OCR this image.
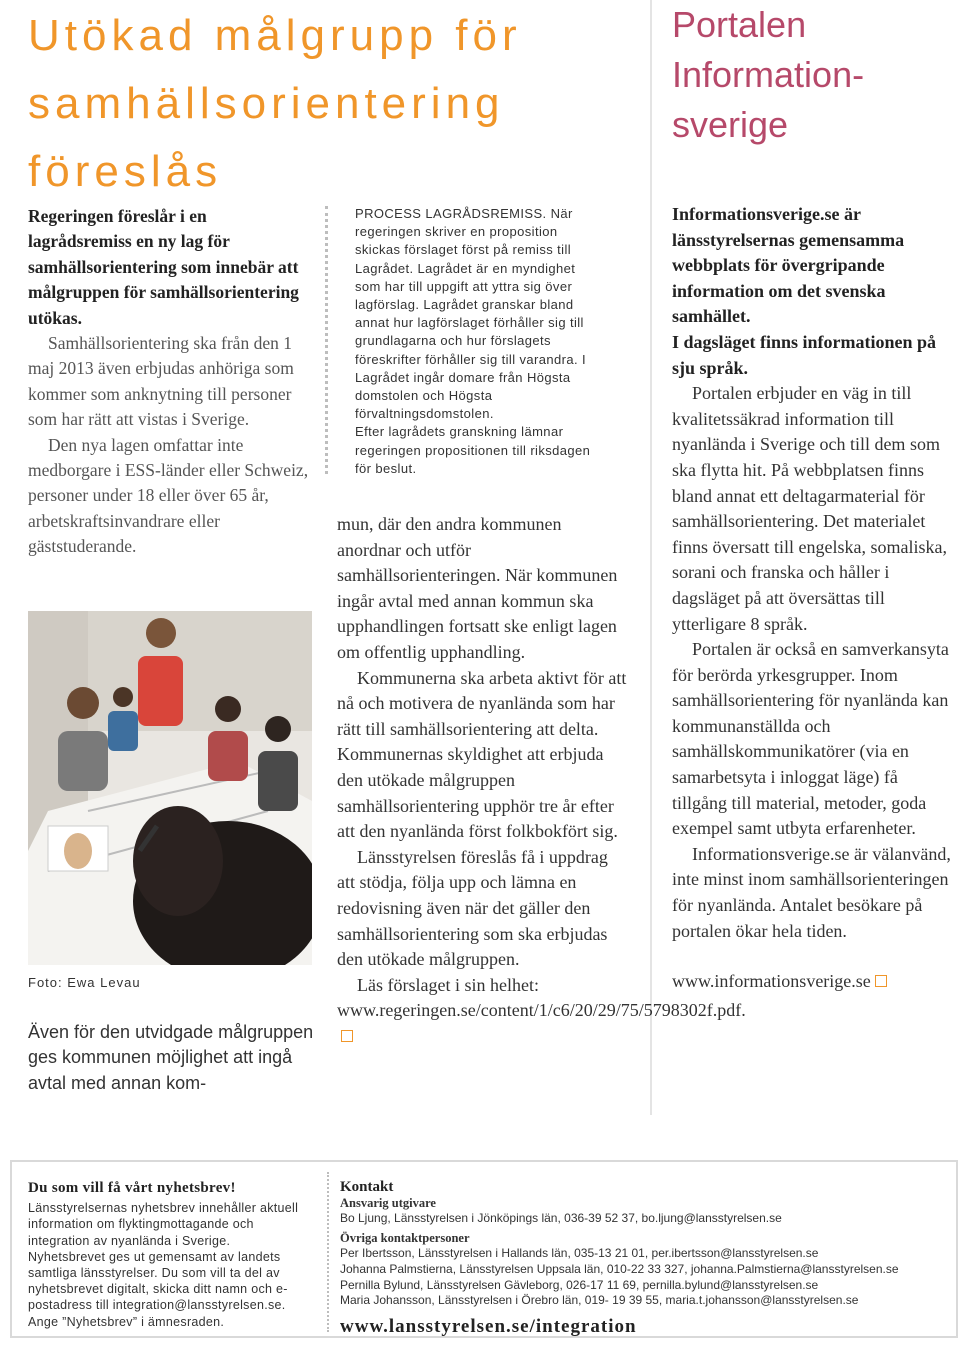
Utökad målgrupp för
samhällsorientering
föreslås
Portalen
Information-
sverige

Regeringen föreslår i en lagrådsremiss en ny lag för samhällsorientering som innebär att målgruppen för samhällsorientering utökas.

Samhällsorientering ska från den 1 maj 2013 även erbjudas anhöriga som kommer som anknytning till personer som har rätt att vistas i Sverige.

Den nya lagen omfattar inte medborgare i ESS-länder eller Schweiz, personer under 18 eller över 65 år, arbetskraftsinvandrare eller gäststuderande.

Foto: Ewa Levau

Även för den utvidgade målgruppen ges kommunen möjlighet att ingå avtal med annan kom-

PROCESS LAGRÅDSREMISS. När regeringen skriver en proposition skickas förslaget först på remiss till Lagrådet. Lagrådet är en myndighet som har till uppgift att yttra sig över lagförslag. Lagrådet granskar bland annat hur lagförslaget förhåller sig till grundlagarna och hur förslagets föreskrifter förhåller sig till varandra. I Lagrådet ingår domare från Högsta domstolen och Högsta förvaltningsdomstolen.

Efter lagrådets granskning lämnar regeringen propositionen till riksdagen för beslut.

mun, där den andra kommunen anordnar och utför samhällsorienteringen. När kommunen ingår avtal med annan kommun ska upphandlingen fortsatt ske enligt lagen om offentlig upphandling.

Kommunerna ska arbeta aktivt för att nå och motivera de nyanlända som har rätt till samhällsorientering att delta. Kommunernas skyldighet att erbjuda den utökade målgruppen samhällsorientering upphör tre år efter att den nyanlända först folkbokfört sig.

Länsstyrelsen föreslås få i uppdrag att stödja, följa upp och lämna en redovisning även när det gäller den samhällsorientering som ska erbjudas den utökade målgruppen.

Läs förslaget i sin helhet: www.regeringen.se/content/1/c6/20/29/75/5798302f.pdf.

Informationsverige.se är länsstyrelsernas gemensamma webbplats för övergripande information om det svenska samhället.

I dagsläget finns informationen på sju språk.

Portalen erbjuder en väg in till kvalitetssäkrad information till nyanlända i Sverige och till dem som ska flytta hit. På webbplatsen finns bland annat ett deltagarmaterial för samhällsorientering. Det materialet finns översatt till engelska, somaliska, sorani och franska och håller i dagsläget på att översättas till ytterligare 8 språk.

Portalen är också en samverkansyta för berörda yrkesgrupper. Inom samhällsorientering för nyanlända kan kommunanställda och samhällskommunikatörer (via en samarbetsyta i inloggat läge) få tillgång till material, metoder, goda exempel samt utbyta erfarenheter.

Informationsverige.se är välanvänd, inte minst inom samhällsorienteringen för nyanlända. Antalet besökare på portalen ökar hela tiden.

www.informationsverige.se

Du som vill få vårt nyhetsbrev!

Länsstyrelsernas nyhetsbrev innehåller aktuell information om flyktingmottagande och integration av nyanlända i Sverige. Nyhetsbrevet ges ut gemensamt av landets samtliga länsstyrelser. Du som vill ta del av nyhetsbrevet digitalt, skicka ditt namn och e-postadress till integration@lansstyrelsen.se. Ange ”Nyhetsbrev” i ämnesraden.

Kontakt

Ansvarig utgivare

Bo Ljung, Länsstyrelsen i Jönköpings län, 036-39 52 37, bo.ljung@lansstyrelsen.se

Övriga kontaktpersoner

Per Ibertsson, Länsstyrelsen i Hallands län, 035-13 21 01, per.ibertsson@lansstyrelsen.se

Johanna Palmstierna, Länsstyrelsen Uppsala län, 010-22 33 327, johanna.Palmstierna@lansstyrelsen.se

Pernilla Bylund, Länsstyrelsen Gävleborg, 026-17 11 69, pernilla.bylund@lansstyrelsen.se

Maria Johansson, Länsstyrelsen i Örebro län, 019- 19 39 55, maria.t.johansson@lansstyrelsen.se

www.lansstyrelsen.se/integration
